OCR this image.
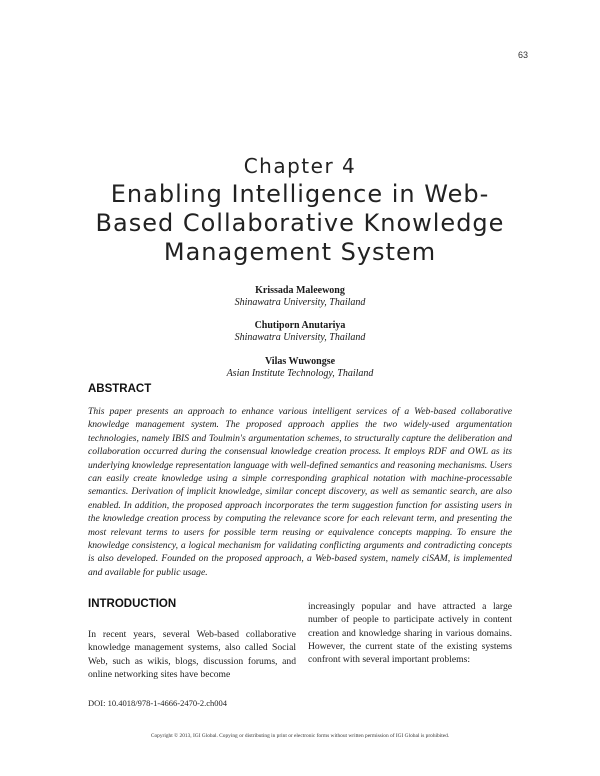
63
Chapter 4
Enabling Intelligence in Web-
Based Collaborative Knowledge
Management System
Krissada Maleewong
Shinawatra University, Thailand
Chutiporn Anutariya
Shinawatra University, Thailand
Vilas Wuwongse
Asian Institute Technology, Thailand
ABSTRACT

This paper presents an approach to enhance various intelligent services of a Web-based collaborative knowledge management system. The proposed approach applies the two widely-used argumentation technologies, namely IBIS and Toulmin's argumentation schemes, to structurally capture the deliberation and collaboration occurred during the consensual knowledge creation process. It employs RDF and OWL as its underlying knowledge representation language with well-defined semantics and reasoning mechanisms. Users can easily create knowledge using a simple corresponding graphical notation with machine-processable semantics. Derivation of implicit knowledge, similar concept discovery, as well as semantic search, are also enabled. In addition, the proposed approach incorporates the term suggestion function for assisting users in the knowledge creation process by computing the relevance score for each relevant term, and presenting the most relevant terms to users for possible term reusing or equivalence concepts mapping. To ensure the knowledge consistency, a logical mechanism for validating conflicting arguments and contradicting concepts is also developed. Founded on the proposed approach, a Web-based system, namely ciSAM, is implemented and available for public usage.

INTRODUCTION

In recent years, several Web-based collaborative knowledge management systems, also called Social Web, such as wikis, blogs, discussion forums, and online networking sites have become

increasingly popular and have attracted a large number of people to participate actively in content creation and knowledge sharing in various domains. However, the current state of the existing systems confront with several important problems:

DOI: 10.4018/978-1-4666-2470-2.ch004
Copyright © 2013, IGI Global. Copying or distributing in print or electronic forms without written permission of IGI Global is prohibited.
